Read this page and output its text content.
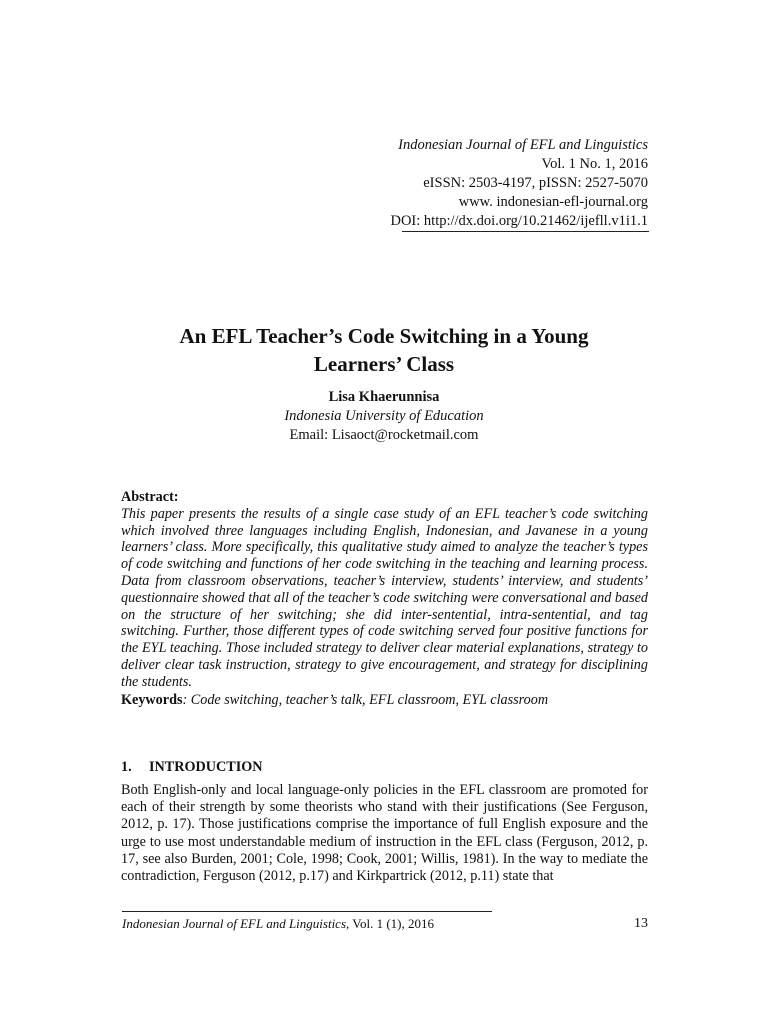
Indonesian Journal of EFL and Linguistics
Vol. 1 No. 1, 2016
eISSN: 2503-4197, pISSN: 2527-5070
www. indonesian-efl-journal.org
DOI: http://dx.doi.org/10.21462/ijefll.v1i1.1
An EFL Teacher’s Code Switching in a Young
Learners’ Class
Lisa Khaerunnisa
Indonesia University of Education
Email: Lisaoct@rocketmail.com
Abstract:
This paper presents the results of a single case study of an EFL teacher’s code switching which involved three languages including English, Indonesian, and Javanese in a young learners’ class. More specifically, this qualitative study aimed to analyze the teacher’s types of code switching and functions of her code switching in the teaching and learning process. Data from classroom observations, teacher’s interview, students’ interview, and students’ questionnaire showed that all of the teacher’s code switching were conversational and based on the structure of her switching; she did inter-sentential, intra-sentential, and tag switching. Further, those different types of code switching served four positive functions for the EYL teaching. Those included strategy to deliver clear material explanations, strategy to deliver clear task instruction, strategy to give encouragement, and strategy for disciplining the students.
Keywords: Code switching, teacher’s talk, EFL classroom, EYL classroom
1. INTRODUCTION
Both English-only and local language-only policies in the EFL classroom are promoted for each of their strength by some theorists who stand with their justifications (See Ferguson, 2012, p. 17). Those justifications comprise the importance of full English exposure and the urge to use most understandable medium of instruction in the EFL class (Ferguson, 2012, p. 17, see also Burden, 2001; Cole, 1998; Cook, 2001; Willis, 1981). In the way to mediate the contradiction, Ferguson (2012, p.17) and Kirkpartrick (2012, p.11) state that
Indonesian Journal of EFL and Linguistics, Vol. 1 (1), 2016	13
